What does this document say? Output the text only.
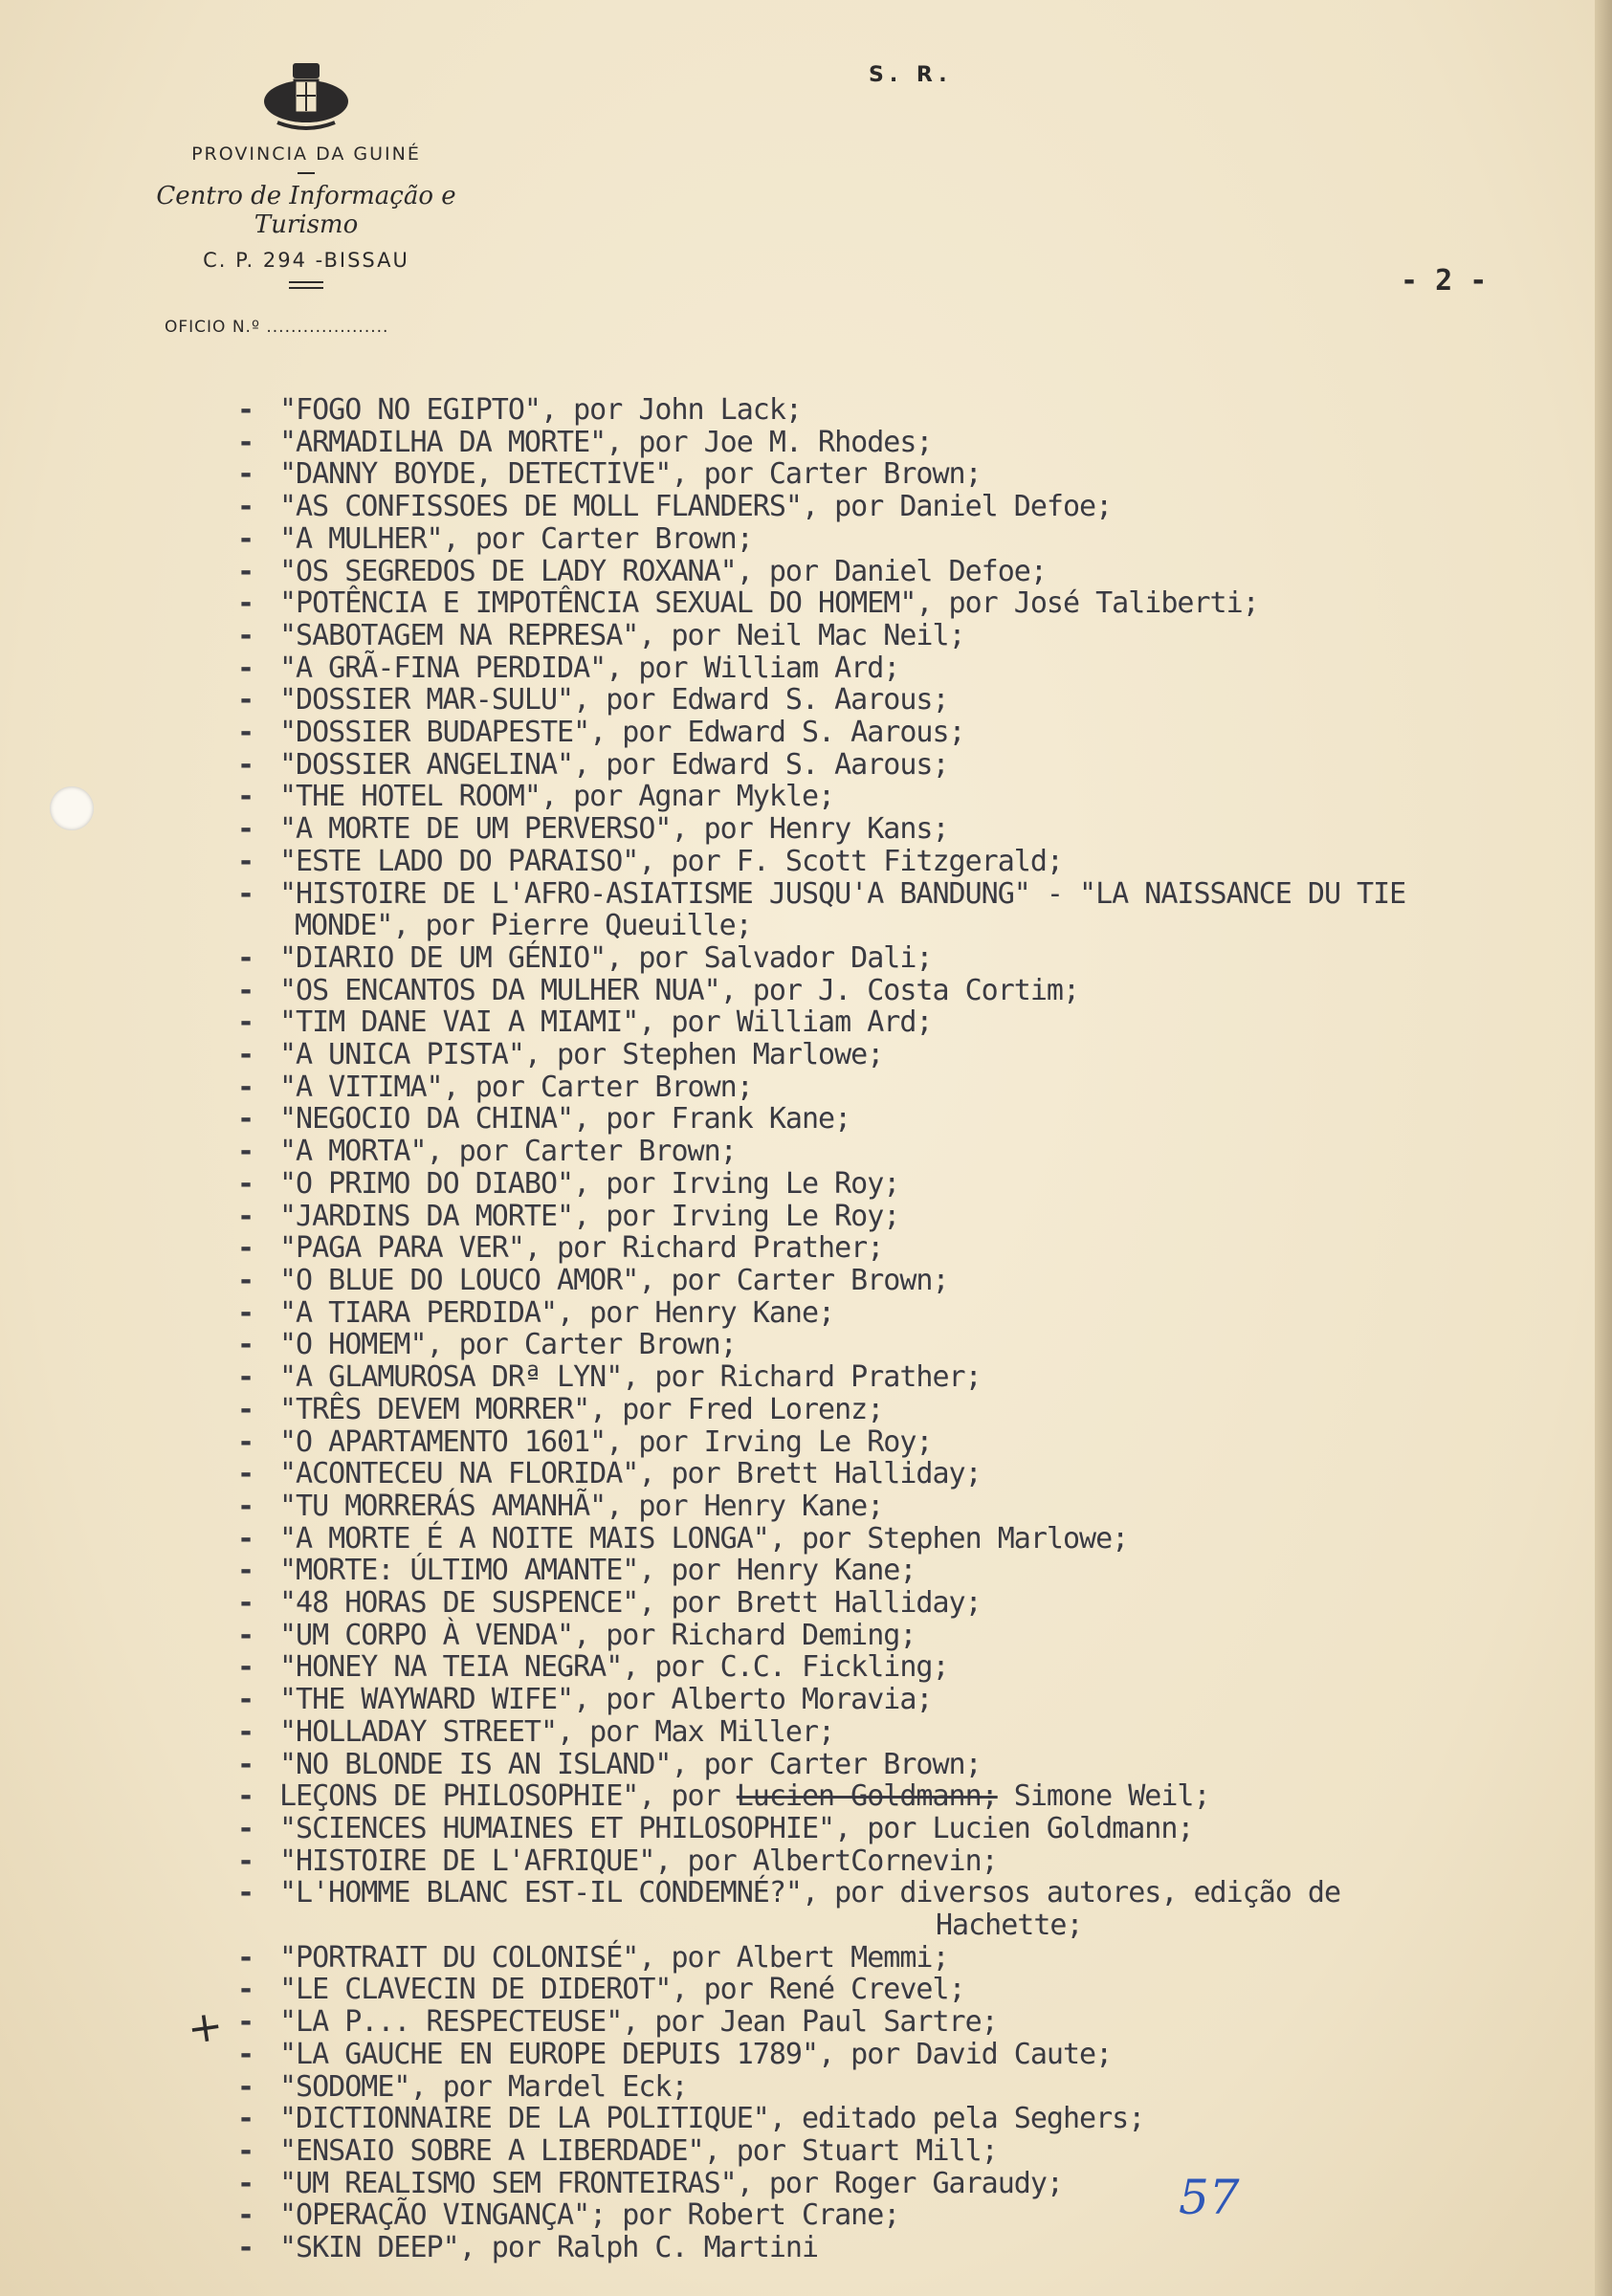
PROVINCIA DA GUINÉ
Centro de Informação e Turismo
C. P. 294 -BISSAU
S. R.
OFICIO N.º ....................
- 2 -
- "FOGO NO EGIPTO", por John Lack;
- "ARMADILHA DA MORTE", por Joe M. Rhodes;
- "DANNY BOYDE, DETECTIVE", por Carter Brown;
- "AS CONFISSOES DE MOLL FLANDERS", por Daniel Defoe;
- "A MULHER", por Carter Brown;
- "OS SEGREDOS DE LADY ROXANA", por Daniel Defoe;
- "POTÊNCIA E IMPOTÊNCIA SEXUAL DO HOMEM", por José Taliberti;
- "SABOTAGEM NA REPRESA", por Neil Mac Neil;
- "A GRÃ-FINA PERDIDA", por William Ard;
- "DOSSIER MAR-SULU", por Edward S. Aarous;
- "DOSSIER BUDAPESTE", por Edward S. Aarous;
- "DOSSIER ANGELINA", por Edward S. Aarous;
- "THE HOTEL ROOM", por Agnar Mykle;
- "A MORTE DE UM PERVERSO", por Henry Kans;
- "ESTE LADO DO PARAISO", por F. Scott Fitzgerald;
- "HISTOIRE DE L'AFRO-ASIATISME JUSQU'A BANDUNG" - "LA NAISSANCE DU TIE
MONDE", por Pierre Queuille;
- "DIARIO DE UM GÉNIO", por Salvador Dali;
- "OS ENCANTOS DA MULHER NUA", por J. Costa Cortim;
- "TIM DANE VAI A MIAMI", por William Ard;
- "A UNICA PISTA", por Stephen Marlowe;
- "A VITIMA", por Carter Brown;
- "NEGOCIO DA CHINA", por Frank Kane;
- "A MORTA", por Carter Brown;
- "O PRIMO DO DIABO", por Irving Le Roy;
- "JARDINS DA MORTE", por Irving Le Roy;
- "PAGA PARA VER", por Richard Prather;
- "O BLUE DO LOUCO AMOR", por Carter Brown;
- "A TIARA PERDIDA", por Henry Kane;
- "O HOMEM", por Carter Brown;
- "A GLAMUROSA DRª LYN", por Richard Prather;
- "TRÊS DEVEM MORRER", por Fred Lorenz;
- "O APARTAMENTO 1601", por Irving Le Roy;
- "ACONTECEU NA FLORIDA", por Brett Halliday;
- "TU MORRERÁS AMANHÃ", por Henry Kane;
- "A MORTE É A NOITE MAIS LONGA", por Stephen Marlowe;
- "MORTE: ÚLTIMO AMANTE", por Henry Kane;
- "48 HORAS DE SUSPENCE", por Brett Halliday;
- "UM CORPO À VENDA", por Richard Deming;
- "HONEY NA TEIA NEGRA", por C.C. Fickling;
- "THE WAYWARD WIFE", por Alberto Moravia;
- "HOLLADAY STREET", por Max Miller;
- "NO BLONDE IS AN ISLAND", por Carter Brown;
- LEÇONS DE PHILOSOPHIE", por Lucien Goldmann; Simone Weil;
- "SCIENCES HUMAINES ET PHILOSOPHIE", por Lucien Goldmann;
- "HISTOIRE DE L'AFRIQUE", por AlbertCornevin;
- "L'HOMME BLANC EST-IL CONDEMNÉ?", por diversos autores, edição de
Hachette;
- "PORTRAIT DU COLONISÉ", por Albert Memmi;
- "LE CLAVECIN DE DIDEROT", por René Crevel;
- "LA P... RESPECTEUSE", por Jean Paul Sartre;
- "LA GAUCHE EN EUROPE DEPUIS 1789", por David Caute;
- "SODOME", por Mardel Eck;
- "DICTIONNAIRE DE LA POLITIQUE", editado pela Seghers;
- "ENSAIO SOBRE A LIBERDADE", por Stuart Mill;
- "UM REALISMO SEM FRONTEIRAS", por Roger Garaudy;
- "OPERAÇÃO VINGANÇA"; por Robert Crane;
- "SKIN DEEP", por Ralph C. Martini
+
57
